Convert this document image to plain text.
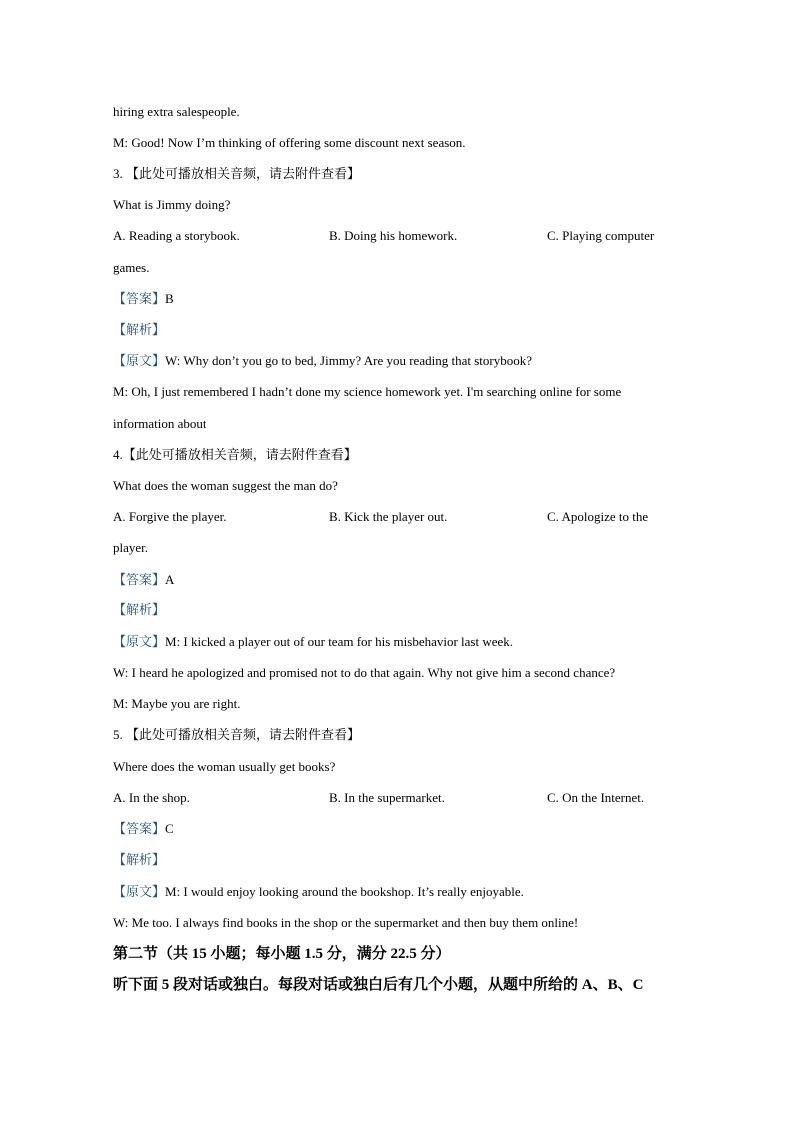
hiring extra salespeople.
M: Good! Now I’m thinking of offering some discount next season.
3. 【此处可播放相关音频，请去附件查看】
What is Jimmy doing?
A. Reading a storybook.	B. Doing his homework.	C. Playing computer
games.
【答案】B
【解析】
【原文】W: Why don’t you go to bed, Jimmy? Are you reading that storybook?
M: Oh, I just remembered I hadn’t done my science homework yet. I'm searching online for some
information about
4.【此处可播放相关音频，请去附件查看】
What does the woman suggest the man do?
A. Forgive the player.	B. Kick the player out.	C. Apologize to the
player.
【答案】A
【解析】
【原文】M: I kicked a player out of our team for his misbehavior last week.
W: I heard he apologized and promised not to do that again. Why not give him a second chance?
M: Maybe you are right.
5. 【此处可播放相关音频，请去附件查看】
Where does the woman usually get books?
A. In the shop.	B. In the supermarket.	C. On the Internet.
【答案】C
【解析】
【原文】M: I would enjoy looking around the bookshop. It’s really enjoyable.
W: Me too. I always find books in the shop or the supermarket and then buy them online!
第二节（共 15 小题；每小题 1.5 分，满分 22.5 分）
听下面 5 段对话或独白。每段对话或独白后有几个小题，从题中所给的 A、B、C
